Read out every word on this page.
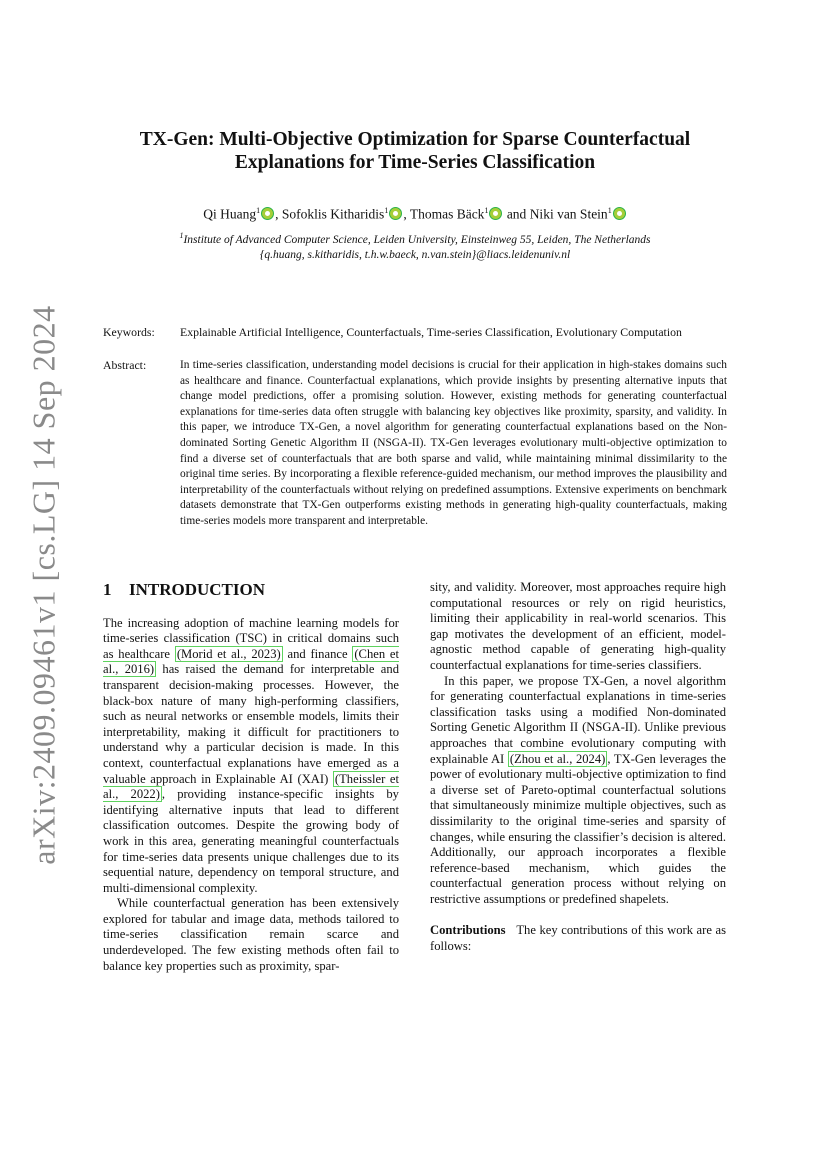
arXiv:2409.09461v1 [cs.LG] 14 Sep 2024
TX-Gen: Multi-Objective Optimization for Sparse Counterfactual
Explanations for Time-Series Classification
Qi Huang$^1$ , Sofoklis Kitharidis$^1$ , Thomas Bäck$^1$ and Niki van Stein$^1$
$^1$Institute of Advanced Computer Science, Leiden University, Einsteinweg 55, Leiden, The Netherlands
{q.huang, s.kitharidis, t.h.w.baeck, n.van.stein}@liacs.leidenuniv.nl
Keywords: Explainable Artificial Intelligence, Counterfactuals, Time-series Classification, Evolutionary Computation
Abstract:	In time-series classification, understanding model decisions is crucial for their application in high-stakes domains such as healthcare and finance. Counterfactual explanations, which provide insights by presenting alternative inputs that change model predictions, offer a promising solution. However, existing methods for generating counterfactual explanations for time-series data often struggle with balancing key objectives like proximity, sparsity, and validity. In this paper, we introduce TX-Gen, a novel algorithm for generating counterfactual explanations based on the Non-dominated Sorting Genetic Algorithm II (NSGA-II). TX-Gen leverages evolutionary multi-objective optimization to find a diverse set of counterfactuals that are both sparse and valid, while maintaining minimal dissimilarity to the original time series. By incorporating a flexible reference-guided mechanism, our method improves the plausibility and interpretability of the counterfactuals without relying on predefined assumptions. Extensive experiments on benchmark datasets demonstrate that TX-Gen outperforms existing methods in generating high-quality counterfactuals, making time-series models more transparent and interpretable.
1 INTRODUCTION

The increasing adoption of machine learning models for time-series classification (TSC) in critical domains such as healthcare (Morid et al., 2023) and finance (Chen et al., 2016) has raised the demand for interpretable and transparent decision-making processes. However, the black-box nature of many high-performing classifiers, such as neural networks or ensemble models, limits their interpretability, making it difficult for practitioners to understand why a particular decision is made. In this context, counterfactual explanations have emerged as a valuable approach in Explainable AI (XAI) (Theissler et al., 2022) , providing instance-specific insights by identifying alternative inputs that lead to different classification outcomes. Despite the growing body of work in this area, generating meaningful counterfactuals for time-series data presents unique challenges due to its sequential nature, dependency on temporal structure, and multi-dimensional complexity.

While counterfactual generation has been extensively explored for tabular and image data, methods tailored to time-series classification remain scarce and underdeveloped. The few existing methods often fail to balance key properties such as proximity, spar-

sity, and validity. Moreover, most approaches require high computational resources or rely on rigid heuristics, limiting their applicability in real-world scenarios. This gap motivates the development of an efficient, model-agnostic method capable of generating high-quality counterfactual explanations for time-series classifiers.

In this paper, we propose TX-Gen, a novel algorithm for generating counterfactual explanations in time-series classification tasks using a modified Non-dominated Sorting Genetic Algorithm II (NSGA-II). Unlike previous approaches that combine evolutionary computing with explainable AI (Zhou et al., 2024) , TX-Gen leverages the power of evolutionary multi-objective optimization to find a diverse set of Pareto-optimal counterfactual solutions that simultaneously minimize multiple objectives, such as dissimilarity to the original time-series and sparsity of changes, while ensuring the classifier’s decision is altered. Additionally, our approach incorporates a flexible reference-based mechanism, which guides the counterfactual generation process without relying on restrictive assumptions or predefined shapelets.

Contributions The key contributions of this work are as follows:
